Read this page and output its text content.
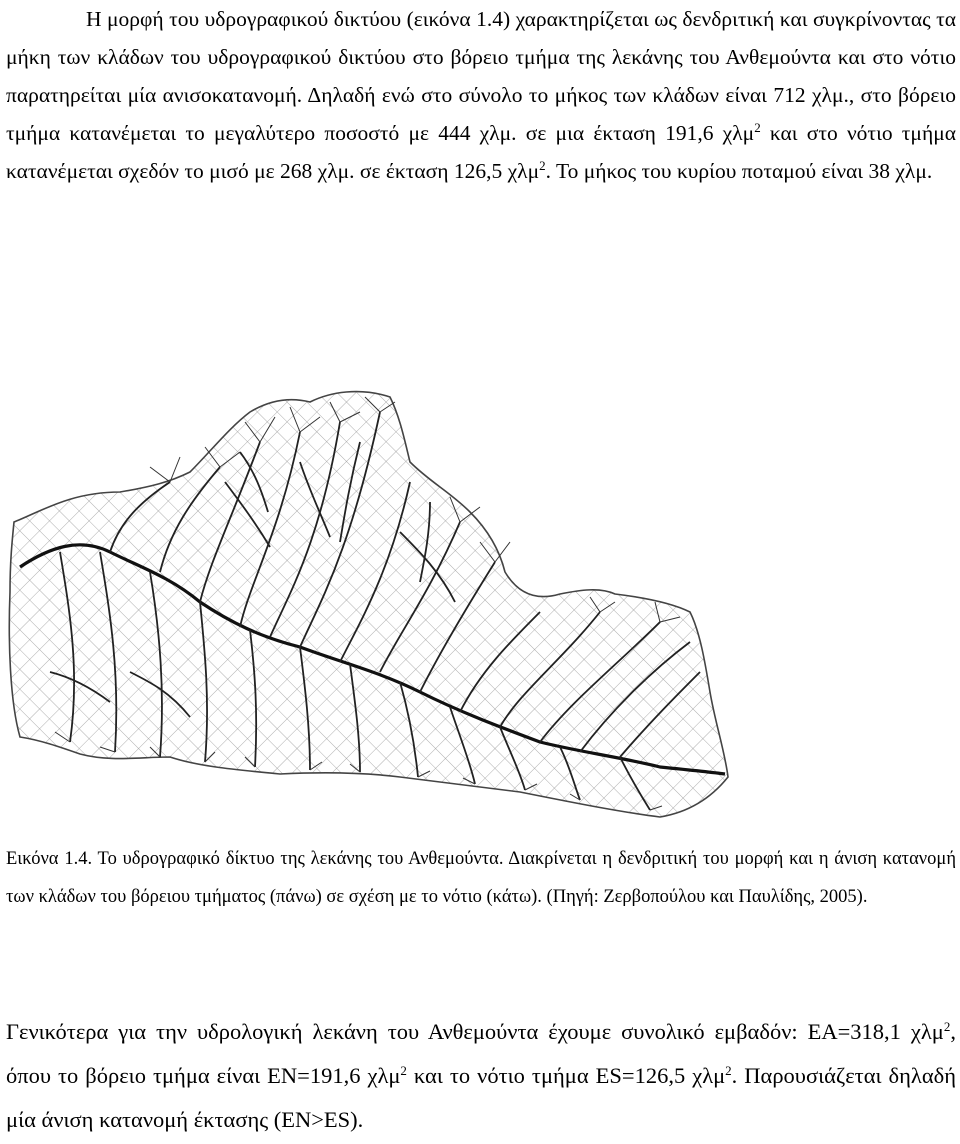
Η μορφή του υδρογραφικού δικτύου (εικόνα 1.4) χαρακτηρίζεται ως δενδριτική και συγκρίνοντας τα μήκη των κλάδων του υδρογραφικού δικτύου στο βόρειο τμήμα της λεκάνης του Ανθεμούντα και στο νότιο παρατηρείται μία ανισοκατανομή. Δηλαδή ενώ στο σύνολο το μήκος των κλάδων είναι 712 χλμ., στο βόρειο τμήμα κατανέμεται το μεγαλύτερο ποσοστό με 444 χλμ. σε μια έκταση 191,6 χλμ$^2$ και στο νότιο τμήμα κατανέμεται σχεδόν το μισό με 268 χλμ. σε έκταση 126,5 χλμ$^2$. Το μήκος του κυρίου ποταμού είναι 38 χλμ.
Εικόνα 1.4. Το υδρογραφικό δίκτυο της λεκάνης του Ανθεμούντα. Διακρίνεται η δενδριτική του μορφή και η άνιση κατανομή των κλάδων του βόρειου τμήματος (πάνω) σε σχέση με το νότιο (κάτω). (Πηγή: Ζερβοπούλου και Παυλίδης, 2005).
Γενικότερα για την υδρολογική λεκάνη του Ανθεμούντα έχουμε συνολικό εμβαδόν: ΕΑ=318,1 χλμ$^2$, όπου το βόρειο τμήμα είναι ΕΝ=191,6 χλμ$^2$ και το νότιο τμήμα ΕS=126,5 χλμ$^2$. Παρουσιάζεται δηλαδή μία άνιση κατανομή έκτασης (ΕΝ>ΕS).
